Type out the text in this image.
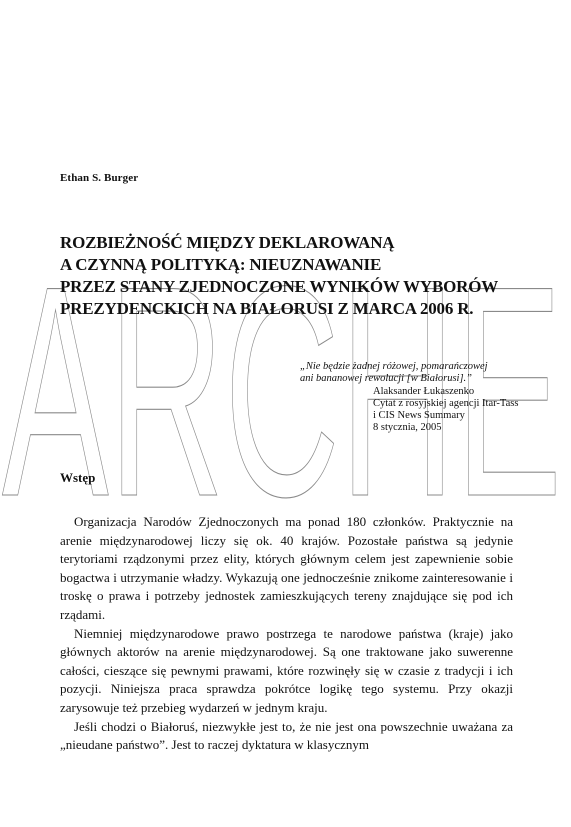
ARCHE
Ethan S. Burger
ROZBIEŻNOŚĆ MIĘDZY DEKLAROWANĄ
A CZYNNĄ POLITYKĄ: NIEUZNAWANIE
PRZEZ STANY ZJEDNOCZONE WYNIKÓW WYBORÓW
PREZYDENCKICH NA BIAŁORUSI Z MARCA 2006 R.
„Nie będzie żadnej różowej, pomarańczowej
ani bananowej rewolucji [w Białorusi].”
Alaksander Łukaszenko
Cytat z rosyjskiej agencji Itar-Tass
i CIS News Summary
8 stycznia, 2005
Wstęp

Organizacja Narodów Zjednoczonych ma ponad 180 członków. Praktycznie na arenie międzynarodowej liczy się ok. 40 krajów. Pozostałe państwa są jedynie terytoriami rządzonymi przez elity, których głównym celem jest zapewnienie sobie bogactwa i utrzymanie władzy. Wykazują one jednocześnie znikome zainteresowanie i troskę o prawa i potrzeby jednostek zamieszkujących tereny znajdujące się pod ich rządami.

Niemniej międzynarodowe prawo postrzega te narodowe państwa (kraje) jako głównych aktorów na arenie międzynarodowej. Są one traktowane jako suwerenne całości, cieszące się pewnymi prawami, które rozwinęły się w czasie z tradycji i ich pozycji. Niniejsza praca sprawdza pokrótce logikę tego systemu. Przy okazji zarysowuje też przebieg wydarzeń w jednym kraju.

Jeśli chodzi o Białoruś, niezwykłe jest to, że nie jest ona powszechnie uważana za „nieudane państwo”. Jest to raczej dyktatura w klasycznym
